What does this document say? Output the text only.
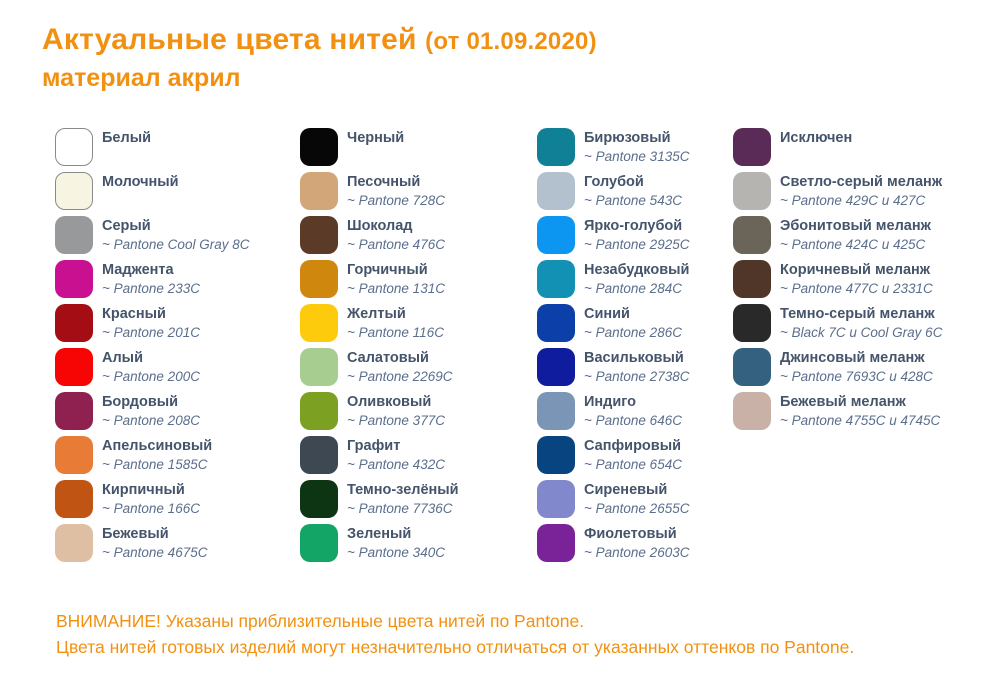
Актуальные цвета нитей (от 01.09.2020)
материал акрил
Белый
Молочный
Серый
~ Pantone Cool Gray 8C
Маджента
~ Pantone 233C
Красный
~ Pantone 201C
Алый
~ Pantone 200C
Бордовый
~ Pantone 208C
Апельсиновый
~ Pantone 1585C
Кирпичный
~ Pantone 166C
Бежевый
~ Pantone 4675C
Черный
Песочный
~ Pantone 728C
Шоколад
~ Pantone 476C
Горчичный
~ Pantone 131C
Желтый
~ Pantone 116C
Салатовый
~ Pantone 2269C
Оливковый
~ Pantone 377C
Графит
~ Pantone 432C
Темно-зелёный
~ Pantone 7736C
Зеленый
~ Pantone 340C
Бирюзовый
~ Pantone 3135C
Голубой
~ Pantone 543C
Ярко-голубой
~ Pantone 2925C
Незабудковый
~ Pantone 284C
Синий
~ Pantone 286C
Васильковый
~ Pantone 2738C
Индиго
~ Pantone 646C
Сапфировый
~ Pantone 654C
Сиреневый
~ Pantone 2655C
Фиолетовый
~ Pantone 2603C
Исключен
Светло-серый меланж
~ Pantone 429C и 427C
Эбонитовый меланж
~ Pantone 424C и 425C
Коричневый меланж
~ Pantone 477C и 2331C
Темно-серый меланж
~ Black 7C и Cool Gray 6C
Джинсовый меланж
~ Pantone 7693C и 428C
Бежевый меланж
~ Pantone 4755C и 4745C
ВНИМАНИЕ! Указаны приблизительные цвета нитей по Pantone.
Цвета нитей готовых изделий могут незначительно отличаться от указанных оттенков по Pantone.
